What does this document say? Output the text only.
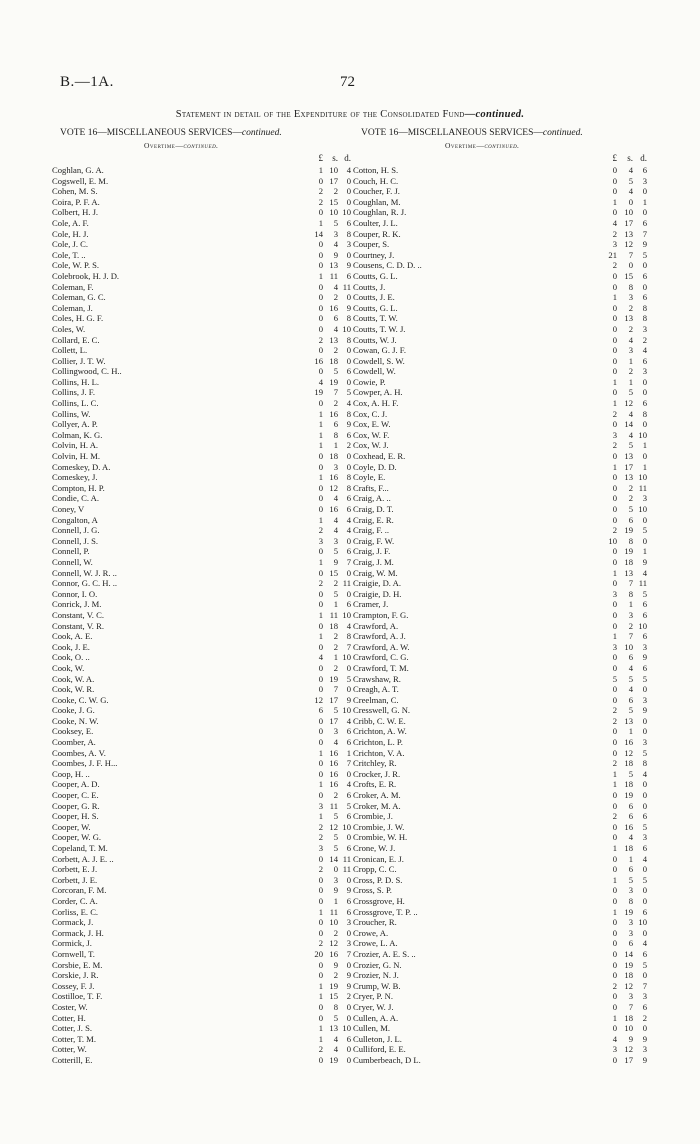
B.—1A.	72
Statement in detail of the Expenditure of the Consolidated Fund—continued.
VOTE 16—MISCELLANEOUS SERVICES—continued.
Overtime—continued.
£	s. d.
Coghlan, G. A.	1 10	4
Cogswell, E. M.	0 17	0
Cohen, M. S.	2	2	0
Coira, P. F. A.	2 15	0
Colbert, H. J.	0 10 10
Cole, A. F.	1	5	6
Cole, H. J.	14	3	8
Cole, J. C.	0	4	3
Cole, T. ..	0	9	0
Cole, W. P. S.	0 13	9
Colebrook, H. J. D.	1 11	6
Coleman, F.	0	4 11
Coleman, G. C.	0	2	0
Coleman, J.	0 16	9
Coles, H. G. F.	0	6	8
Coles, W.	0	4 10
Collard, E. C.	2 13	8
Collett, L.	0	2	0
Collier, J. T. W.	16 18	0
Collingwood, C. H..	0	5	6
Collins, H. L.	4 19	0
Collins, J. F.	19	7	5
Collins, L. C.	0	2	4
Collins, W.	1 16	8
Collyer, A. P.	1	6	9
Colman, K. G.	1	8	6
Colvin, H. A.	1	1	2
Colvin, H. M.	0 18	0
Comeskey, D. A.	0	3	0
Comeskey, J.	1 16	8
Compton, H. P.	0 12	8
Condie, C. A.	0	4	6
Coney, V	0 16	6
Congalton, A	1	4	4
Connell, J. G.	2	4	4
Connell, J. S.	3	3	0
Connell, P.	0	5	6
Connell, W.	1	9	7
Connell, W. J. R. ..	0 15	0
Connor, G. C. H. ..	2	2 11
Connor, I. O.	0	5	0
Conrick, J. M.	0	1	6
Constant, V. C.	1 11 10
Constant, V. R.	0 18	4
Cook, A. E.	1	2	8
Cook, J. E.	0	2	7
Cook, O. ..	4	1 10
Cook, W.	0	2	0
Cook, W. A.	0 19	5
Cook, W. R.	0	7	0
Cooke, C. W. G.	12 17	9
Cooke, J. G.	6	5 10
Cooke, N. W.	0 17	4
Cooksey, E.	0	3	6
Coomber, A.	0	4	6
Coombes, A. V.	1 16	1
Coombes, J. F. H...	0 16	7
Coop, H. ..	0 16	0
Cooper, A. D.	1 16	4
Cooper, C. E.	0	2	6
Cooper, G. R.	3 11	5
Cooper, H. S.	1	5	6
Cooper, W.	2 12 10
Cooper, W. G.	2	5	0
Copeland, T. M.	3	5	6
Corbett, A. J. E. ..	0 14 11
Corbett, E. J.	2	0 11
Corbett, J. E.	0	3	0
Corcoran, F. M.	0	9	9
Corder, C. A.	0	1	6
Corliss, E. C.	1 11	6
Cormack, J.	0 10	3
Cormack, J. H.	0	2	0
Cormick, J.	2 12	3
Cornwell, T.	20 16	7
Corsbie, E. M.	0	9	0
Corskie, J. R.	0	2	9
Cossey, F. J.	1 19	9
Costilloe, T. F.	1 15	2
Coster, W.	0	8	0
Cotter, H.	0	5	0
Cotter, J. S.	1 13 10
Cotter, T. M.	1	4	6
Cotter, W.	2	4	0
Cotterill, E.	0 19	0
VOTE 16—MISCELLANEOUS SERVICES—continued.
Overtime—continued.
£	s. d.
Cotton, H. S.	0	4	6
Couch, H. C.	0	5	3
Coucher, F. J.	0	4	0
Coughlan, M.	1	0	1
Coughlan, R. J.	0 10	0
Coulter, J. L.	4 17	6
Couper, R. K.	2 13	7
Couper, S.	3 12	9
Courtney, J.	21	7	5
Cousens, C. D. D. ..	2	0	0
Coutts, G. L.	0 15	6
Coutts, J.	0	8	0
Coutts, J. E.	1	3	6
Coutts, G. L.	0	2	8
Coutts, T. W.	0 13	8
Coutts, T. W. J.	0	2	3
Coutts, W. J.	0	4	2
Cowan, G. J. F.	0	3	4
Cowdell, S. W.	0	1	6
Cowdell, W.	0	2	3
Cowie, P.	1	1	0
Cowper, A. H.	0	5	0
Cox, A. H. F.	1 12	6
Cox, C. J.	2	4	8
Cox, E. W.	0 14	0
Cox, W. F.	3	4 10
Cox, W. J.	2	5	1
Coxhead, E. R.	0 13	0
Coyle, D. D.	1 17	1
Coyle, E.	0 13 10
Crafts, F...	0	2 11
Craig, A. ..	0	2	3
Craig, D. T.	0	5 10
Craig, E. R.	0	6	0
Craig, F. ..	2 19	5
Craig, F. W.	10	8	0
Craig, J. F.	0 19	1
Craig, J. M.	0 18	9
Craig, W. M.	1 13	4
Craigie, D. A.	0	7 11
Craigie, D. H.	3	8	5
Cramer, J.	0	1	6
Crampton, F. G.	0	3	6
Crawford, A.	0	2 10
Crawford, A. J.	1	7	6
Crawford, A. W.	3 10	3
Crawford, C. G.	0	6	9
Crawford, T. M.	0	4	6
Crawshaw, R.	5	5	5
Creagh, A. T.	0	4	0
Creelman, C.	0	6	3
Cresswell, G. N.	2	5	9
Cribb, C. W. E.	2 13	0
Crichton, A. W.	0	1	0
Crichton, L. P.	0 16	3
Crichton, V. A.	0 12	5
Critchley, R.	2 18	8
Crocker, J. R.	1	5	4
Crofts, E. R.	1 18	0
Croker, A. M.	0 19	0
Croker, M. A.	0	6	0
Crombie, J.	2	6	6
Crombie, J. W.	0 16	5
Crombie, W. H.	0	4	3
Crone, W. J.	1 18	6
Cronican, E. J.	0	1	4
Cropp, C. C.	0	6	0
Cross, P. D. S.	1	5	5
Cross, S. P.	0	3	0
Crossgrove, H.	0	8	0
Crossgrove, T. P. ..	1 19	6
Croucher, R.	0	3 10
Crowe, A.	0	3	0
Crowe, L. A.	0	6	4
Crozier, A. E. S. ..	0 14	6
Crozier, G. N.	0 19	5
Crozier, N. J.	0 18	0
Crump, W. B.	2 12	7
Cryer, P. N.	0	3	3
Cryer, W. J.	0	7	6
Cullen, A. A.	1 18	2
Cullen, M.	0 10	0
Culleton, J. L.	4	9	9
Culliford, E. E.	3 12	3
Cumberbeach, D L.	0 17	9
